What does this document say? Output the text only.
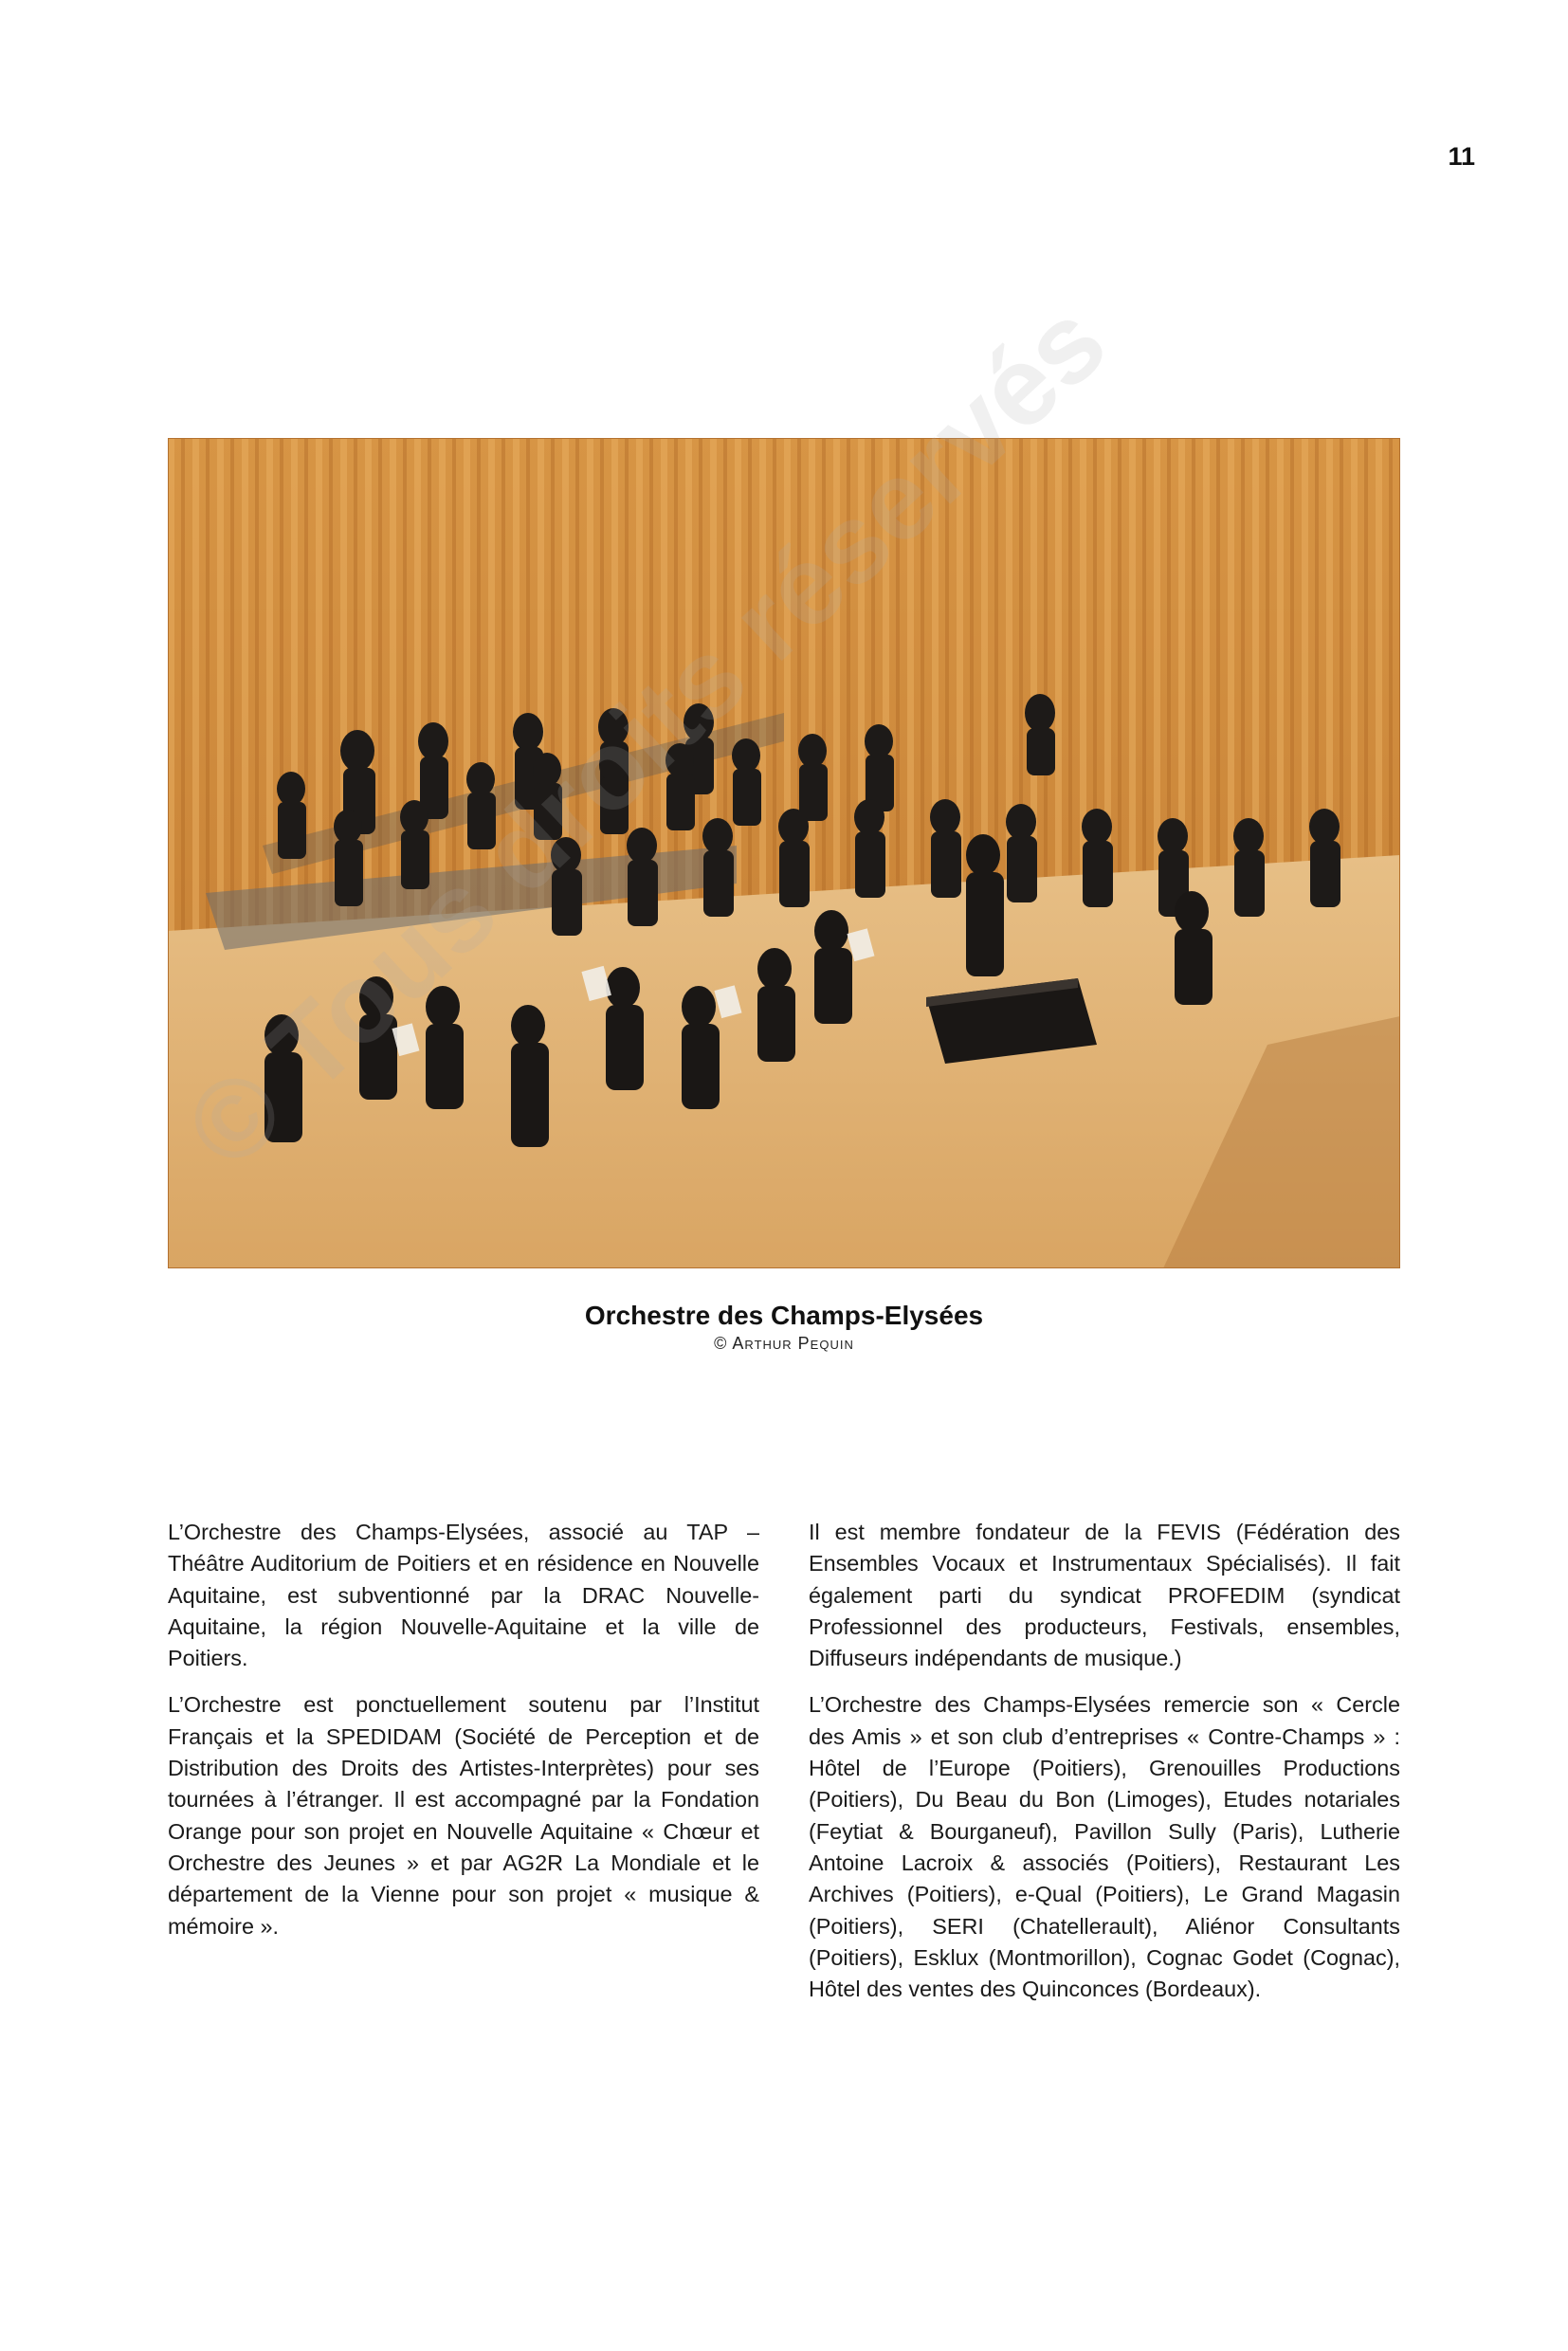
11
Orchestre des Champs-Elysées
© Arthur Pequin

L’Orchestre des Champs-Elysées, associé au TAP – Théâtre Auditorium de Poitiers et en résidence en Nouvelle Aquitaine, est subventionné par la DRAC Nouvelle-Aquitaine, la région Nouvelle-Aquitaine et la ville de Poitiers.

L’Orchestre est ponctuellement soutenu par l’Institut Français et la SPEDIDAM (Société de Perception et de Distribution des Droits des Artistes-Interprètes) pour ses tournées à l’étranger. Il est accompagné par la Fondation Orange pour son projet en Nouvelle Aquitaine « Chœur et Orchestre des Jeunes » et par AG2R La Mondiale et le département de la Vienne pour son projet « musique & mémoire ».

Il est membre fondateur de la FEVIS (Fédération des Ensembles Vocaux et Instrumentaux Spécialisés). Il fait également parti du syndicat PROFEDIM (syndicat Professionnel des producteurs, Festivals, ensembles, Diffuseurs indépendants de musique.)

L’Orchestre des Champs-Elysées remercie son « Cercle des Amis » et son club d’entreprises « Contre-Champs » : Hôtel de l’Europe (Poitiers), Grenouilles Productions (Poitiers), Du Beau du Bon (Limoges), Etudes notariales (Feytiat & Bourganeuf), Pavillon Sully (Paris), Lutherie Antoine Lacroix & associés (Poitiers), Restaurant Les Archives (Poitiers), e-Qual (Poitiers), Le Grand Magasin (Poitiers), SERI (Chatellerault), Aliénor Consultants (Poitiers), Esklux (Montmorillon), Cognac Godet (Cognac), Hôtel des ventes des Quinconces (Bordeaux).
